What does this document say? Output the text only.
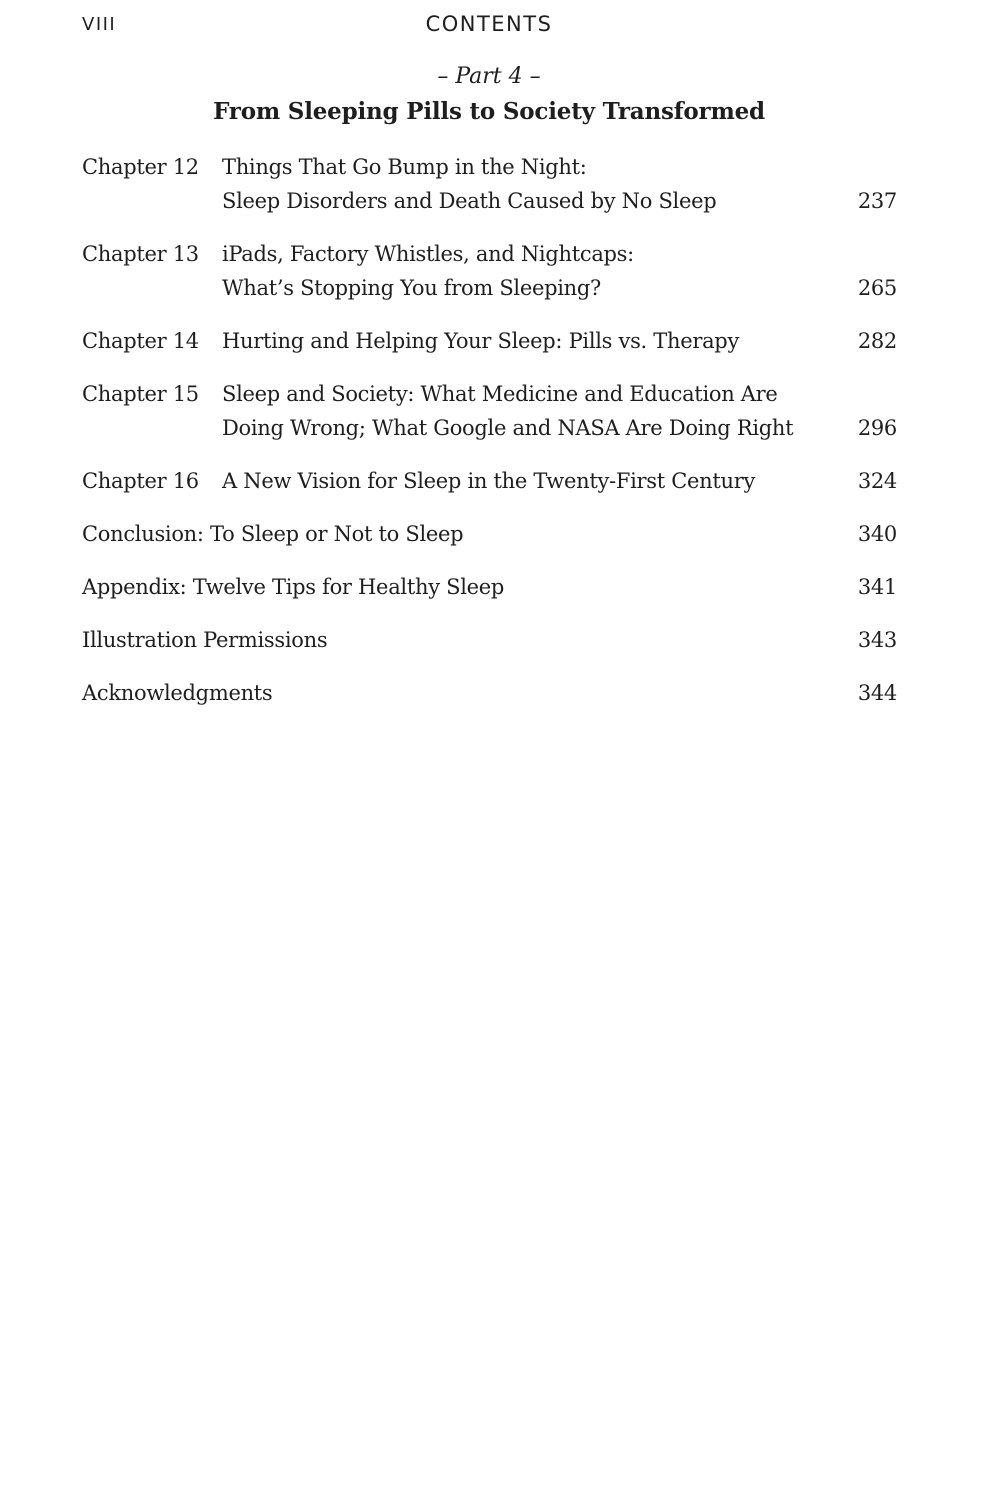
VIII	CONTENTS
– Part 4 –
From Sleeping Pills to Society Transformed
Chapter 12 Things That Go Bump in the Night:
Sleep Disorders and Death Caused by No Sleep	237
Chapter 13 iPads, Factory Whistles, and Nightcaps:
What’s Stopping You from Sleeping?	265
Chapter 14 Hurting and Helping Your Sleep: Pills vs. Therapy	282
Chapter 15 Sleep and Society: What Medicine and Education Are
Doing Wrong; What Google and NASA Are Doing Right	296
Chapter 16 A New Vision for Sleep in the Twenty-First Century	324
Conclusion: To Sleep or Not to Sleep	340
Appendix: Twelve Tips for Healthy Sleep	341
Illustration Permissions	343
Acknowledgments	344
